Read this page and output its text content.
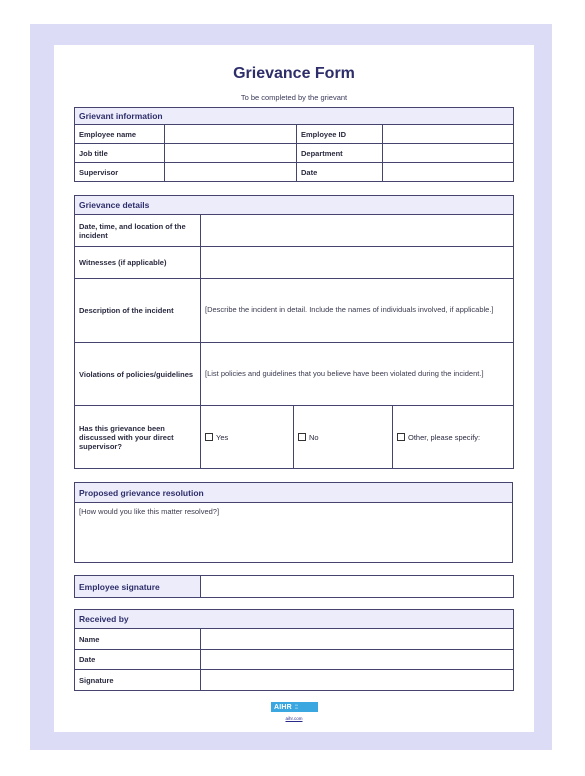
Grievance Form
To be completed by the grievant
Grievant information			
Employee name		Employee ID	
Job title		Department	
Supervisor		Date	
Grievance details			
Date, time, and location of the incident			
Witnesses (if applicable)			
Description of the incident	[Describe the incident in detail. Include the names of individuals involved, if applicable.]		
Violations of policies/guidelines	[List policies and guidelines that you believe have been violated during the incident.]		
Has this grievance been discussed with your direct supervisor?	Yes	No	Other, please specify:
Proposed grievance resolution
[How would you like this matter resolved?]
Employee signature	
Received by	
Name	
Date	
Signature	
AIHR ▪▪▪
▪▪▪
aihr.com
